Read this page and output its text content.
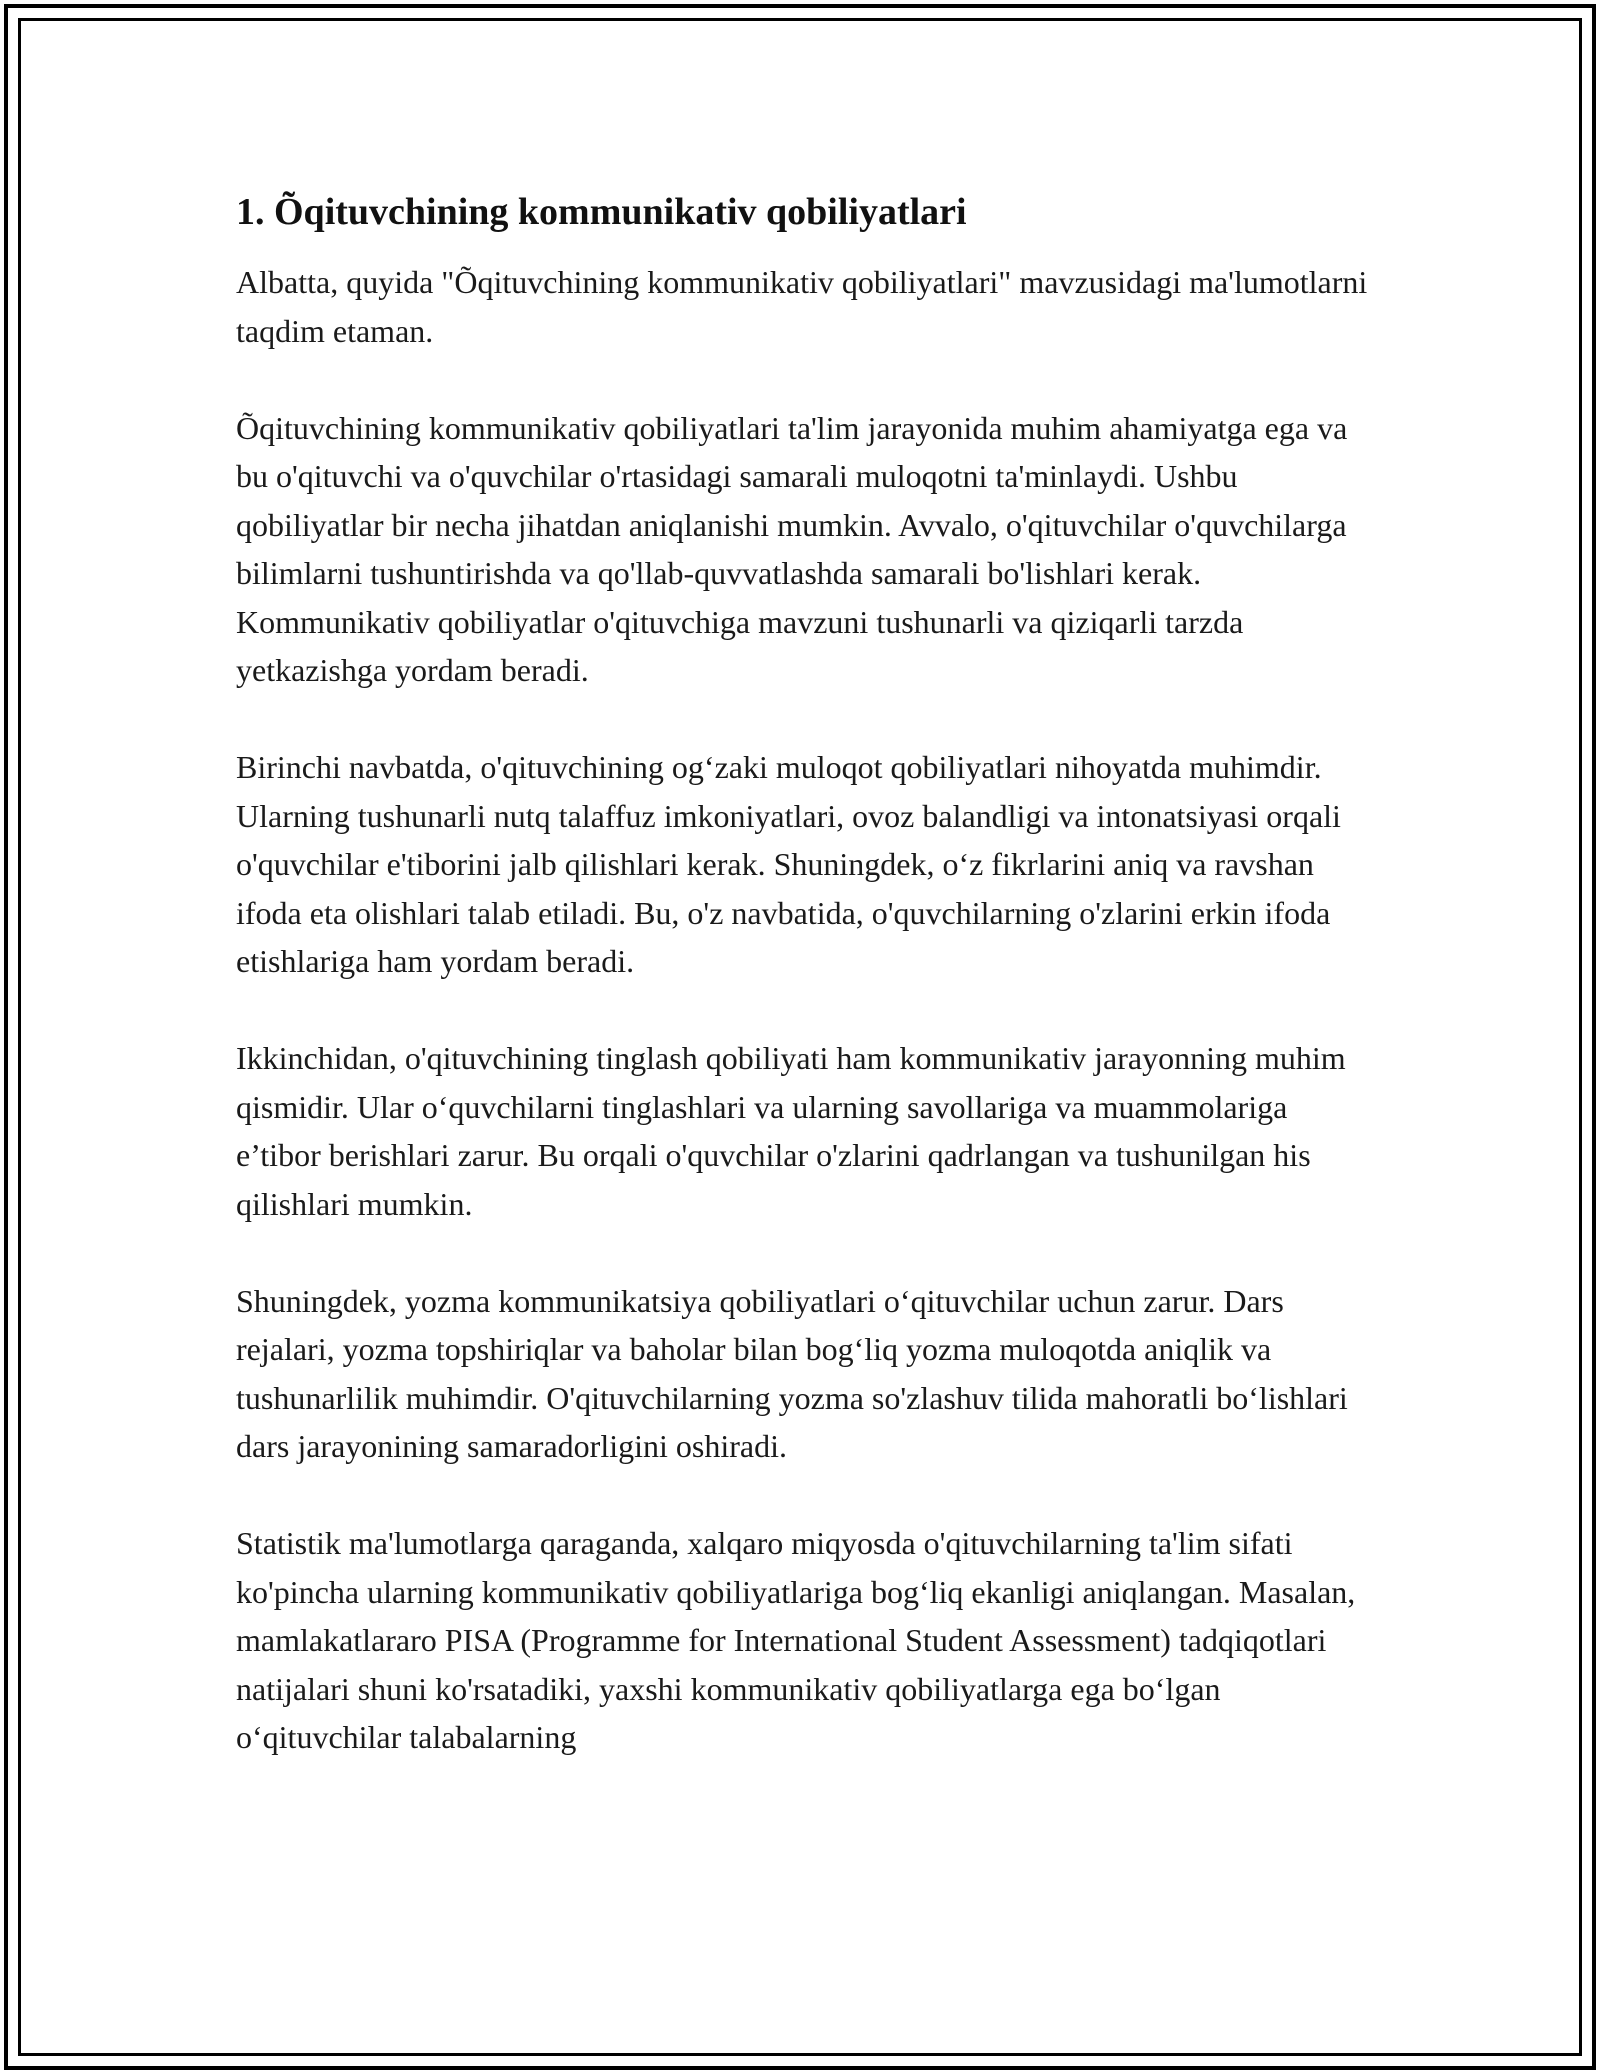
1. Õqituvchining kommunikativ qobiliyatlari

Albatta, quyida "Õqituvchining kommunikativ qobiliyatlari" mavzusidagi ma'lumotlarni taqdim etaman.

Õqituvchining kommunikativ qobiliyatlari ta'lim jarayonida muhim ahamiyatga ega va bu o'qituvchi va o'quvchilar o'rtasidagi samarali muloqotni ta'minlaydi. Ushbu qobiliyatlar bir necha jihatdan aniqlanishi mumkin. Avvalo, o'qituvchilar o'quvchilarga bilimlarni tushuntirishda va qo'llab-quvvatlashda samarali bo'lishlari kerak. Kommunikativ qobiliyatlar o'qituvchiga mavzuni tushunarli va qiziqarli tarzda yetkazishga yordam beradi.

Birinchi navbatda, o'qituvchining og‘zaki muloqot qobiliyatlari nihoyatda muhimdir. Ularning tushunarli nutq talaffuz imkoniyatlari, ovoz balandligi va intonatsiyasi orqali o'quvchilar e'tiborini jalb qilishlari kerak. Shuningdek, o‘z fikrlarini aniq va ravshan ifoda eta olishlari talab etiladi. Bu, o'z navbatida, o'quvchilarning o'zlarini erkin ifoda etishlariga ham yordam beradi.

Ikkinchidan, o'qituvchining tinglash qobiliyati ham kommunikativ jarayonning muhim qismidir. Ular o‘quvchilarni tinglashlari va ularning savollariga va muammolariga e’tibor berishlari zarur. Bu orqali o'quvchilar o'zlarini qadrlangan va tushunilgan his qilishlari mumkin.

Shuningdek, yozma kommunikatsiya qobiliyatlari o‘qituvchilar uchun zarur. Dars rejalari, yozma topshiriqlar va baholar bilan bog‘liq yozma muloqotda aniqlik va tushunarlilik muhimdir. O'qituvchilarning yozma so'zlashuv tilida mahoratli bo‘lishlari dars jarayonining samaradorligini oshiradi.

Statistik ma'lumotlarga qaraganda, xalqaro miqyosda o'qituvchilarning ta'lim sifati ko'pincha ularning kommunikativ qobiliyatlariga bog‘liq ekanligi aniqlangan. Masalan, mamlakatlararo PISA (Programme for International Student Assessment) tadqiqotlari natijalari shuni ko'rsatadiki, yaxshi kommunikativ qobiliyatlarga ega bo‘lgan o‘qituvchilar talabalarning
